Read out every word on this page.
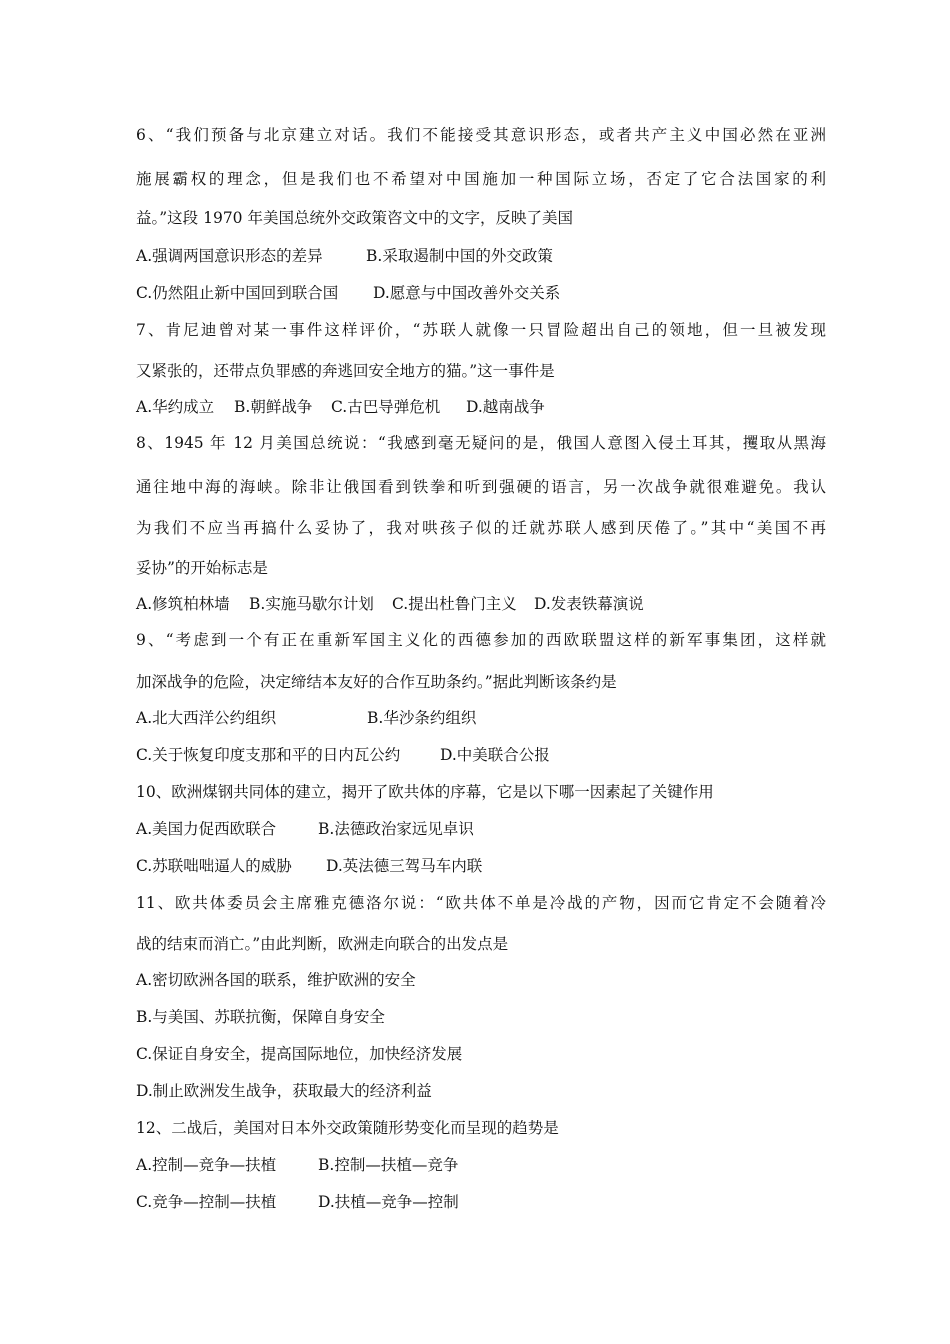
6、“我们预备与北京建立对话。我们不能接受其意识形态，或者共产主义中国必然在亚洲
施展霸权的理念，但是我们也不希望对中国施加一种国际立场，否定了它合法国家的利
益。”这段 1970 年美国总统外交政策咨文中的文字，反映了美国
A.强调两国意识形态的差异	B.采取遏制中国的外交政策
C.仍然阻止新中国回到联合国 D.愿意与中国改善外交关系
7、肯尼迪曾对某一事件这样评价，“苏联人就像一只冒险超出自己的领地，但一旦被发现
又紧张的，还带点负罪感的奔逃回安全地方的猫。”这一事件是
A.华约成立 B.朝鲜战争 C.古巴导弹危机 D.越南战争
8、1945 年 12 月美国总统说：“我感到毫无疑问的是，俄国人意图入侵土耳其，攫取从黑海
通往地中海的海峡。除非让俄国看到铁拳和听到强硬的语言，另一次战争就很难避免。我认
为我们不应当再搞什么妥协了，我对哄孩子似的迁就苏联人感到厌倦了。”其中“美国不再
妥协”的开始标志是
A.修筑柏林墙 B.实施马歇尔计划 C.提出杜鲁门主义 D.发表铁幕演说
9、“考虑到一个有正在重新军国主义化的西德参加的西欧联盟这样的新军事集团，这样就
加深战争的危险，决定缔结本友好的合作互助条约。”据此判断该条约是
A.北大西洋公约组织	B.华沙条约组织
C.关于恢复印度支那和平的日内瓦公约	D.中美联合公报
10、欧洲煤钢共同体的建立，揭开了欧共体的序幕，它是以下哪一因素起了关键作用
A.美国力促西欧联合	B.法德政治家远见卓识
C.苏联咄咄逼人的威胁 D.英法德三驾马车内联
11、欧共体委员会主席雅克德洛尔说：“欧共体不单是冷战的产物，因而它肯定不会随着冷
战的结束而消亡。”由此判断，欧洲走向联合的出发点是
A.密切欧洲各国的联系，维护欧洲的安全
B.与美国、苏联抗衡，保障自身安全
C.保证自身安全，提高国际地位，加快经济发展
D.制止欧洲发生战争，获取最大的经济利益
12、二战后，美国对日本外交政策随形势变化而呈现的趋势是
A.控制—竞争—扶植	B.控制—扶植—竞争
C.竞争—控制—扶植	D.扶植—竞争—控制
